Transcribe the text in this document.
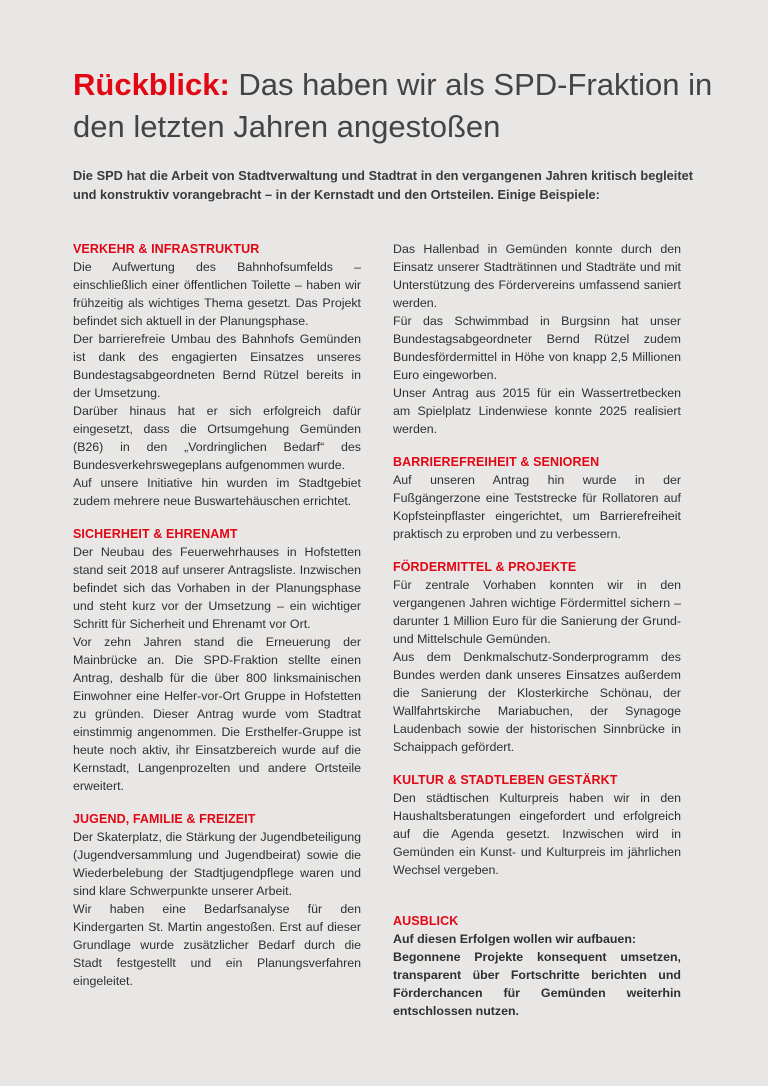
Rückblick: Das haben wir als SPD-Fraktion in den letzten Jahren angestoßen

Die SPD hat die Arbeit von Stadtverwaltung und Stadtrat in den vergangenen Jahren kritisch begleitet und konstruktiv vorangebracht – in der Kernstadt und den Ortsteilen. Einige Beispiele:

VERKEHR & INFRASTRUKTUR

Die Aufwertung des Bahnhofsumfelds – einschließlich einer öffentlichen Toilette – haben wir frühzeitig als wichtiges Thema gesetzt. Das Projekt befindet sich aktuell in der Planungsphase.

Der barrierefreie Umbau des Bahnhofs Gemünden ist dank des engagierten Einsatzes unseres Bundestagsabgeordneten Bernd Rützel bereits in der Umsetzung.

Darüber hinaus hat er sich erfolgreich dafür eingesetzt, dass die Ortsumgehung Gemünden (B26) in den „Vordringlichen Bedarf“ des Bundesverkehrswegeplans aufgenommen wurde.

Auf unsere Initiative hin wurden im Stadtgebiet zudem mehrere neue Buswartehäuschen errichtet.

SICHERHEIT & EHRENAMT

Der Neubau des Feuerwehrhauses in Hofstetten stand seit 2018 auf unserer Antragsliste. Inzwischen befindet sich das Vorhaben in der Planungsphase und steht kurz vor der Umsetzung – ein wichtiger Schritt für Sicherheit und Ehrenamt vor Ort.

Vor zehn Jahren stand die Erneuerung der Mainbrücke an. Die SPD-Fraktion stellte einen Antrag, deshalb für die über 800 linksmainischen Einwohner eine Helfer-vor-Ort Gruppe in Hofstetten zu gründen. Dieser Antrag wurde vom Stadtrat einstimmig angenommen. Die Ersthelfer-Gruppe ist heute noch aktiv, ihr Einsatzbereich wurde auf die Kernstadt, Langenprozelten und andere Ortsteile erweitert.

JUGEND, FAMILIE & FREIZEIT

Der Skaterplatz, die Stärkung der Jugendbeteiligung (Jugendversammlung und Jugendbeirat) sowie die Wiederbelebung der Stadtjugendpflege waren und sind klare Schwerpunkte unserer Arbeit.

Wir haben eine Bedarfsanalyse für den Kindergarten St. Martin angestoßen. Erst auf dieser Grundlage wurde zusätzlicher Bedarf durch die Stadt festgestellt und ein Planungsverfahren eingeleitet.

Das Hallenbad in Gemünden konnte durch den Einsatz unserer Stadträtinnen und Stadträte und mit Unterstützung des Fördervereins umfassend saniert werden.

Für das Schwimmbad in Burgsinn hat unser Bundestagsabgeordneter Bernd Rützel zudem Bundesfördermittel in Höhe von knapp 2,5 Millionen Euro eingeworben.

Unser Antrag aus 2015 für ein Wassertretbecken am Spielplatz Lindenwiese konnte 2025 realisiert werden.

BARRIEREFREIHEIT & SENIOREN

Auf unseren Antrag hin wurde in der Fußgängerzone eine Teststrecke für Rollatoren auf Kopfsteinpflaster eingerichtet, um Barrierefreiheit praktisch zu erproben und zu verbessern.

FÖRDERMITTEL & PROJEKTE

Für zentrale Vorhaben konnten wir in den vergangenen Jahren wichtige Fördermittel sichern – darunter 1 Million Euro für die Sanierung der Grund- und Mittelschule Gemünden.

Aus dem Denkmalschutz-Sonderprogramm des Bundes werden dank unseres Einsatzes außerdem die Sanierung der Klosterkirche Schönau, der Wallfahrtskirche Mariabuchen, der Synagoge Laudenbach sowie der historischen Sinnbrücke in Schaippach gefördert.

KULTUR & STADTLEBEN GESTÄRKT

Den städtischen Kulturpreis haben wir in den Haushaltsberatungen eingefordert und erfolgreich auf die Agenda gesetzt. Inzwischen wird in Gemünden ein Kunst- und Kulturpreis im jährlichen Wechsel vergeben.

AUSBLICK

Auf diesen Erfolgen wollen wir aufbauen:

Begonnene Projekte konsequent umsetzen, transparent über Fortschritte berichten und Förderchancen für Gemünden weiterhin entschlossen nutzen.
